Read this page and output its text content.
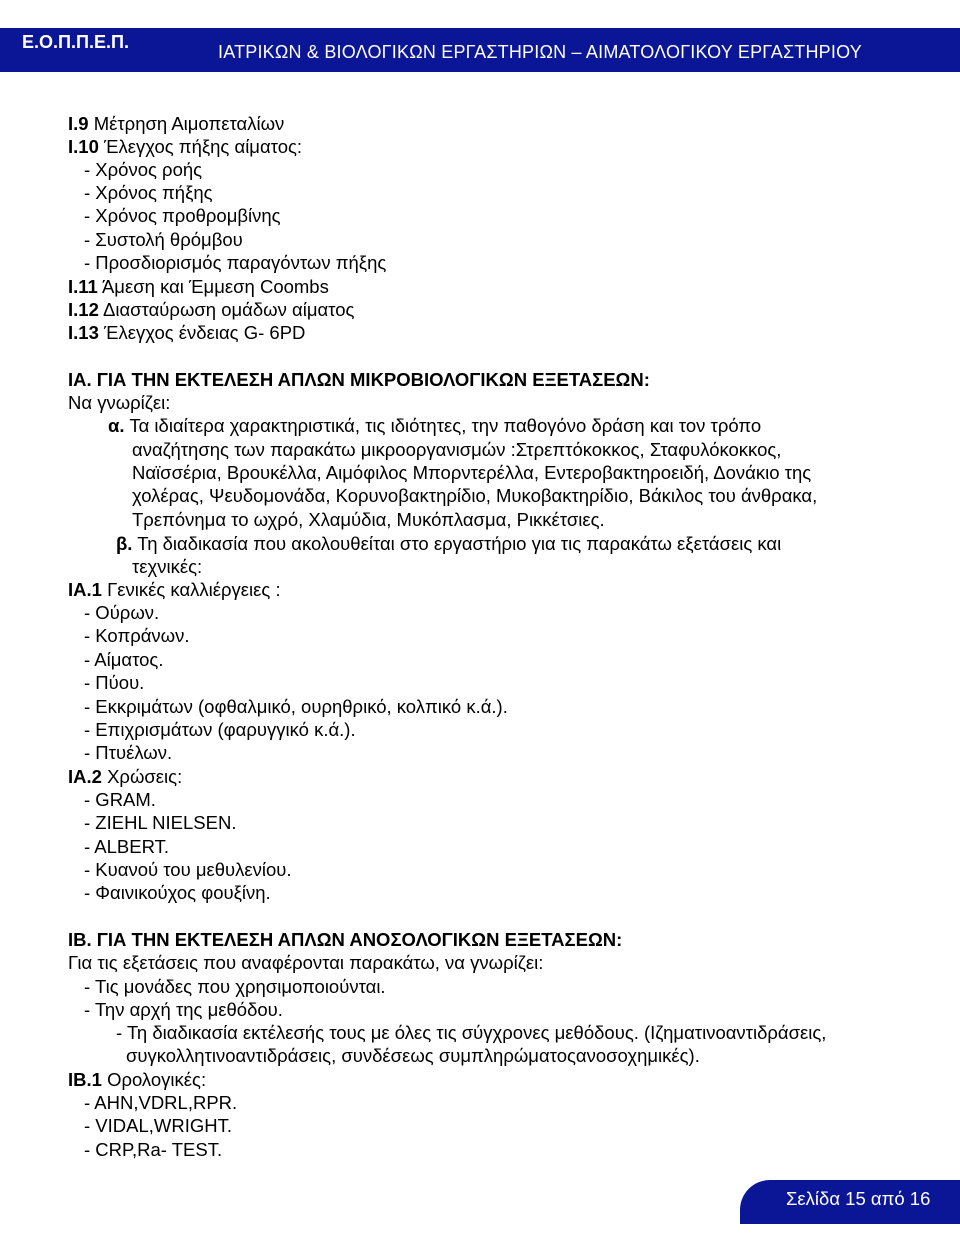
Ε.Ο.Π.Π.Ε.Π.	ΙΑΤΡΙΚΩΝ & ΒΙΟΛΟΓΙΚΩΝ ΕΡΓΑΣΤΗΡΙΩΝ – ΑΙΜΑΤΟΛΟΓΙΚΟΥ ΕΡΓΑΣΤΗΡΙΟΥ
Ι.9 Μέτρηση Αιμοπεταλίων
Ι.10 Έλεγχος πήξης αίματος:
- Χρόνος ροής
- Χρόνος πήξης
- Χρόνος προθρομβίνης
- Συστολή θρόμβου
- Προσδιορισμός παραγόντων πήξης
Ι.11 Άμεση και Έμμεση Coombs
Ι.12 Διασταύρωση ομάδων αίματος
Ι.13 Έλεγχος ένδειας G- 6PD
ΙΑ. ΓΙΑ ΤΗΝ ΕΚΤΕΛΕΣΗ ΑΠΛΩΝ ΜΙΚΡΟΒΙΟΛΟΓΙΚΩΝ ΕΞΕΤΑΣΕΩΝ:
Να γνωρίζει:
α. Τα ιδιαίτερα χαρακτηριστικά, τις ιδιότητες, την παθογόνο δράση και τον τρόπο
αναζήτησης των παρακάτω μικροοργανισμών :Στρεπτόκοκκος, Σταφυλόκοκκος,
Ναϊσσέρια, Βρουκέλλα, Αιμόφιλος Μπορντερέλλα, Εντεροβακτηροειδή, Δονάκιο της
χολέρας, Ψευδομονάδα, Κορυνοβακτηρίδιο, Μυκοβακτηρίδιο, Βάκιλος του άνθρακα,
Τρεπόνημα το ωχρό, Χλαμύδια, Μυκόπλασμα, Ρικκέτσιες.
β. Τη διαδικασία που ακολουθείται στο εργαστήριο για τις παρακάτω εξετάσεις και
τεχνικές:
ΙΑ.1 Γενικές καλλιέργειες :
- Ούρων.
- Κοπράνων.
- Αίματος.
- Πύου.
- Εκκριμάτων (οφθαλμικό, ουρηθρικό, κολπικό κ.ά.).
- Επιχρισμάτων (φαρυγγικό κ.ά.).
- Πτυέλων.
ΙΑ.2 Χρώσεις:
- GRAM.
- ZIEHL NIELSEN.
- ALBERT.
- Κυανού του μεθυλενίου.
- Φαινικούχος φουξίνη.
ΙΒ. ΓΙΑ ΤΗΝ ΕΚΤΕΛΕΣΗ ΑΠΛΩΝ ΑΝΟΣΟΛΟΓΙΚΩΝ ΕΞΕΤΑΣΕΩΝ:
Για τις εξετάσεις που αναφέρονται παρακάτω, να γνωρίζει:
- Τις μονάδες που χρησιμοποιούνται.
- Την αρχή της μεθόδου.
- Τη διαδικασία εκτέλεσής τους με όλες τις σύγχρονες μεθόδους. (Ιζηματινοαντιδράσεις,
συγκολλητινοαντιδράσεις, συνδέσεως συμπληρώματοςανοσοχημικές).
ΙΒ.1 Ορολογικές:
- AHN,VDRL,RPR.
- VIDAL,WRIGHT.
- CRP,Ra- TEST.
Σελίδα 15 από 16
